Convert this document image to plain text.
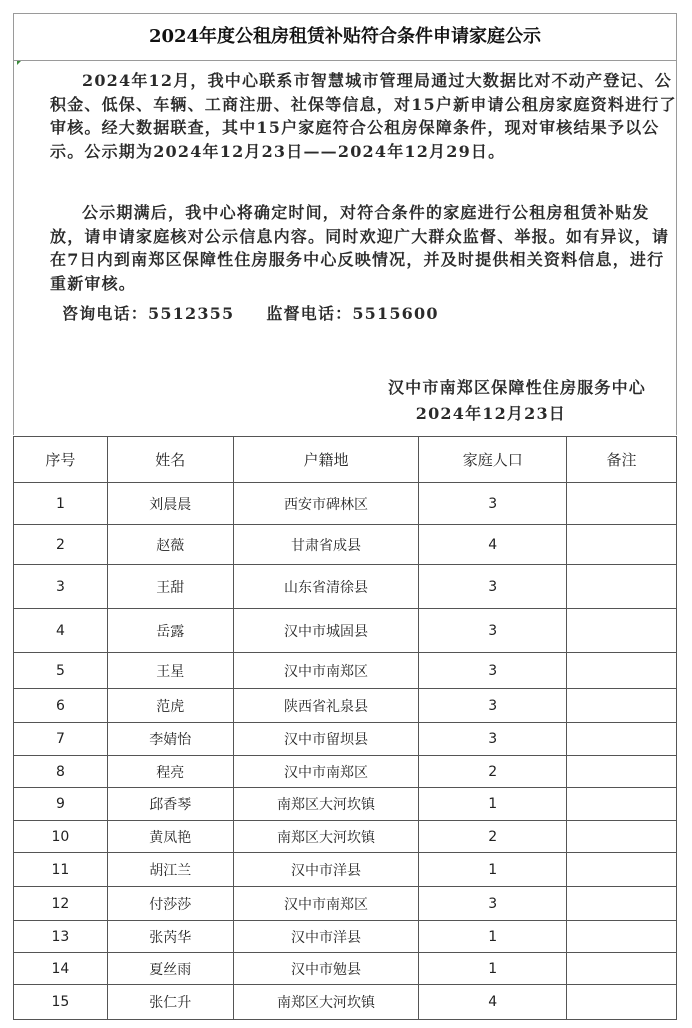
2024年度公租房租赁补贴符合条件申请家庭公示

2024年12月，我中心联系市智慧城市管理局通过大数据比对不动产登记、公积金、低保、车辆、工商注册、社保等信息，对15户新申请公租房家庭资料进行了审核。经大数据联查，其中15户家庭符合公租房保障条件，现对审核结果予以公示。公示期为2024年12月23日——2024年12月29日。

公示期满后，我中心将确定时间，对符合条件的家庭进行公租房租赁补贴发放，请申请家庭核对公示信息内容。同时欢迎广大群众监督、举报。如有异议，请在7日内到南郑区保障性住房服务中心反映情况，并及时提供相关资料信息，进行重新审核。

咨询电话：5512355 监督电话：5515600
汉中市南郑区保障性住房服务中心
2024年12月23日
序号	姓名	户籍地	家庭人口	备注
1	刘晨晨	西安市碑林区	3	
2	赵薇	甘肃省成县	4	
3	王甜	山东省清徐县	3	
4	岳露	汉中市城固县	3	
5	王星	汉中市南郑区	3	
6	范虎	陕西省礼泉县	3	
7	李婧怡	汉中市留坝县	3	
8	程亮	汉中市南郑区	2	
9	邱香琴	南郑区大河坎镇	1	
10	黄凤艳	南郑区大河坎镇	2	
11	胡江兰	汉中市洋县	1	
12	付莎莎	汉中市南郑区	3	
13	张芮华	汉中市洋县	1	
14	夏丝雨	汉中市勉县	1	
15	张仁升	南郑区大河坎镇	4	
